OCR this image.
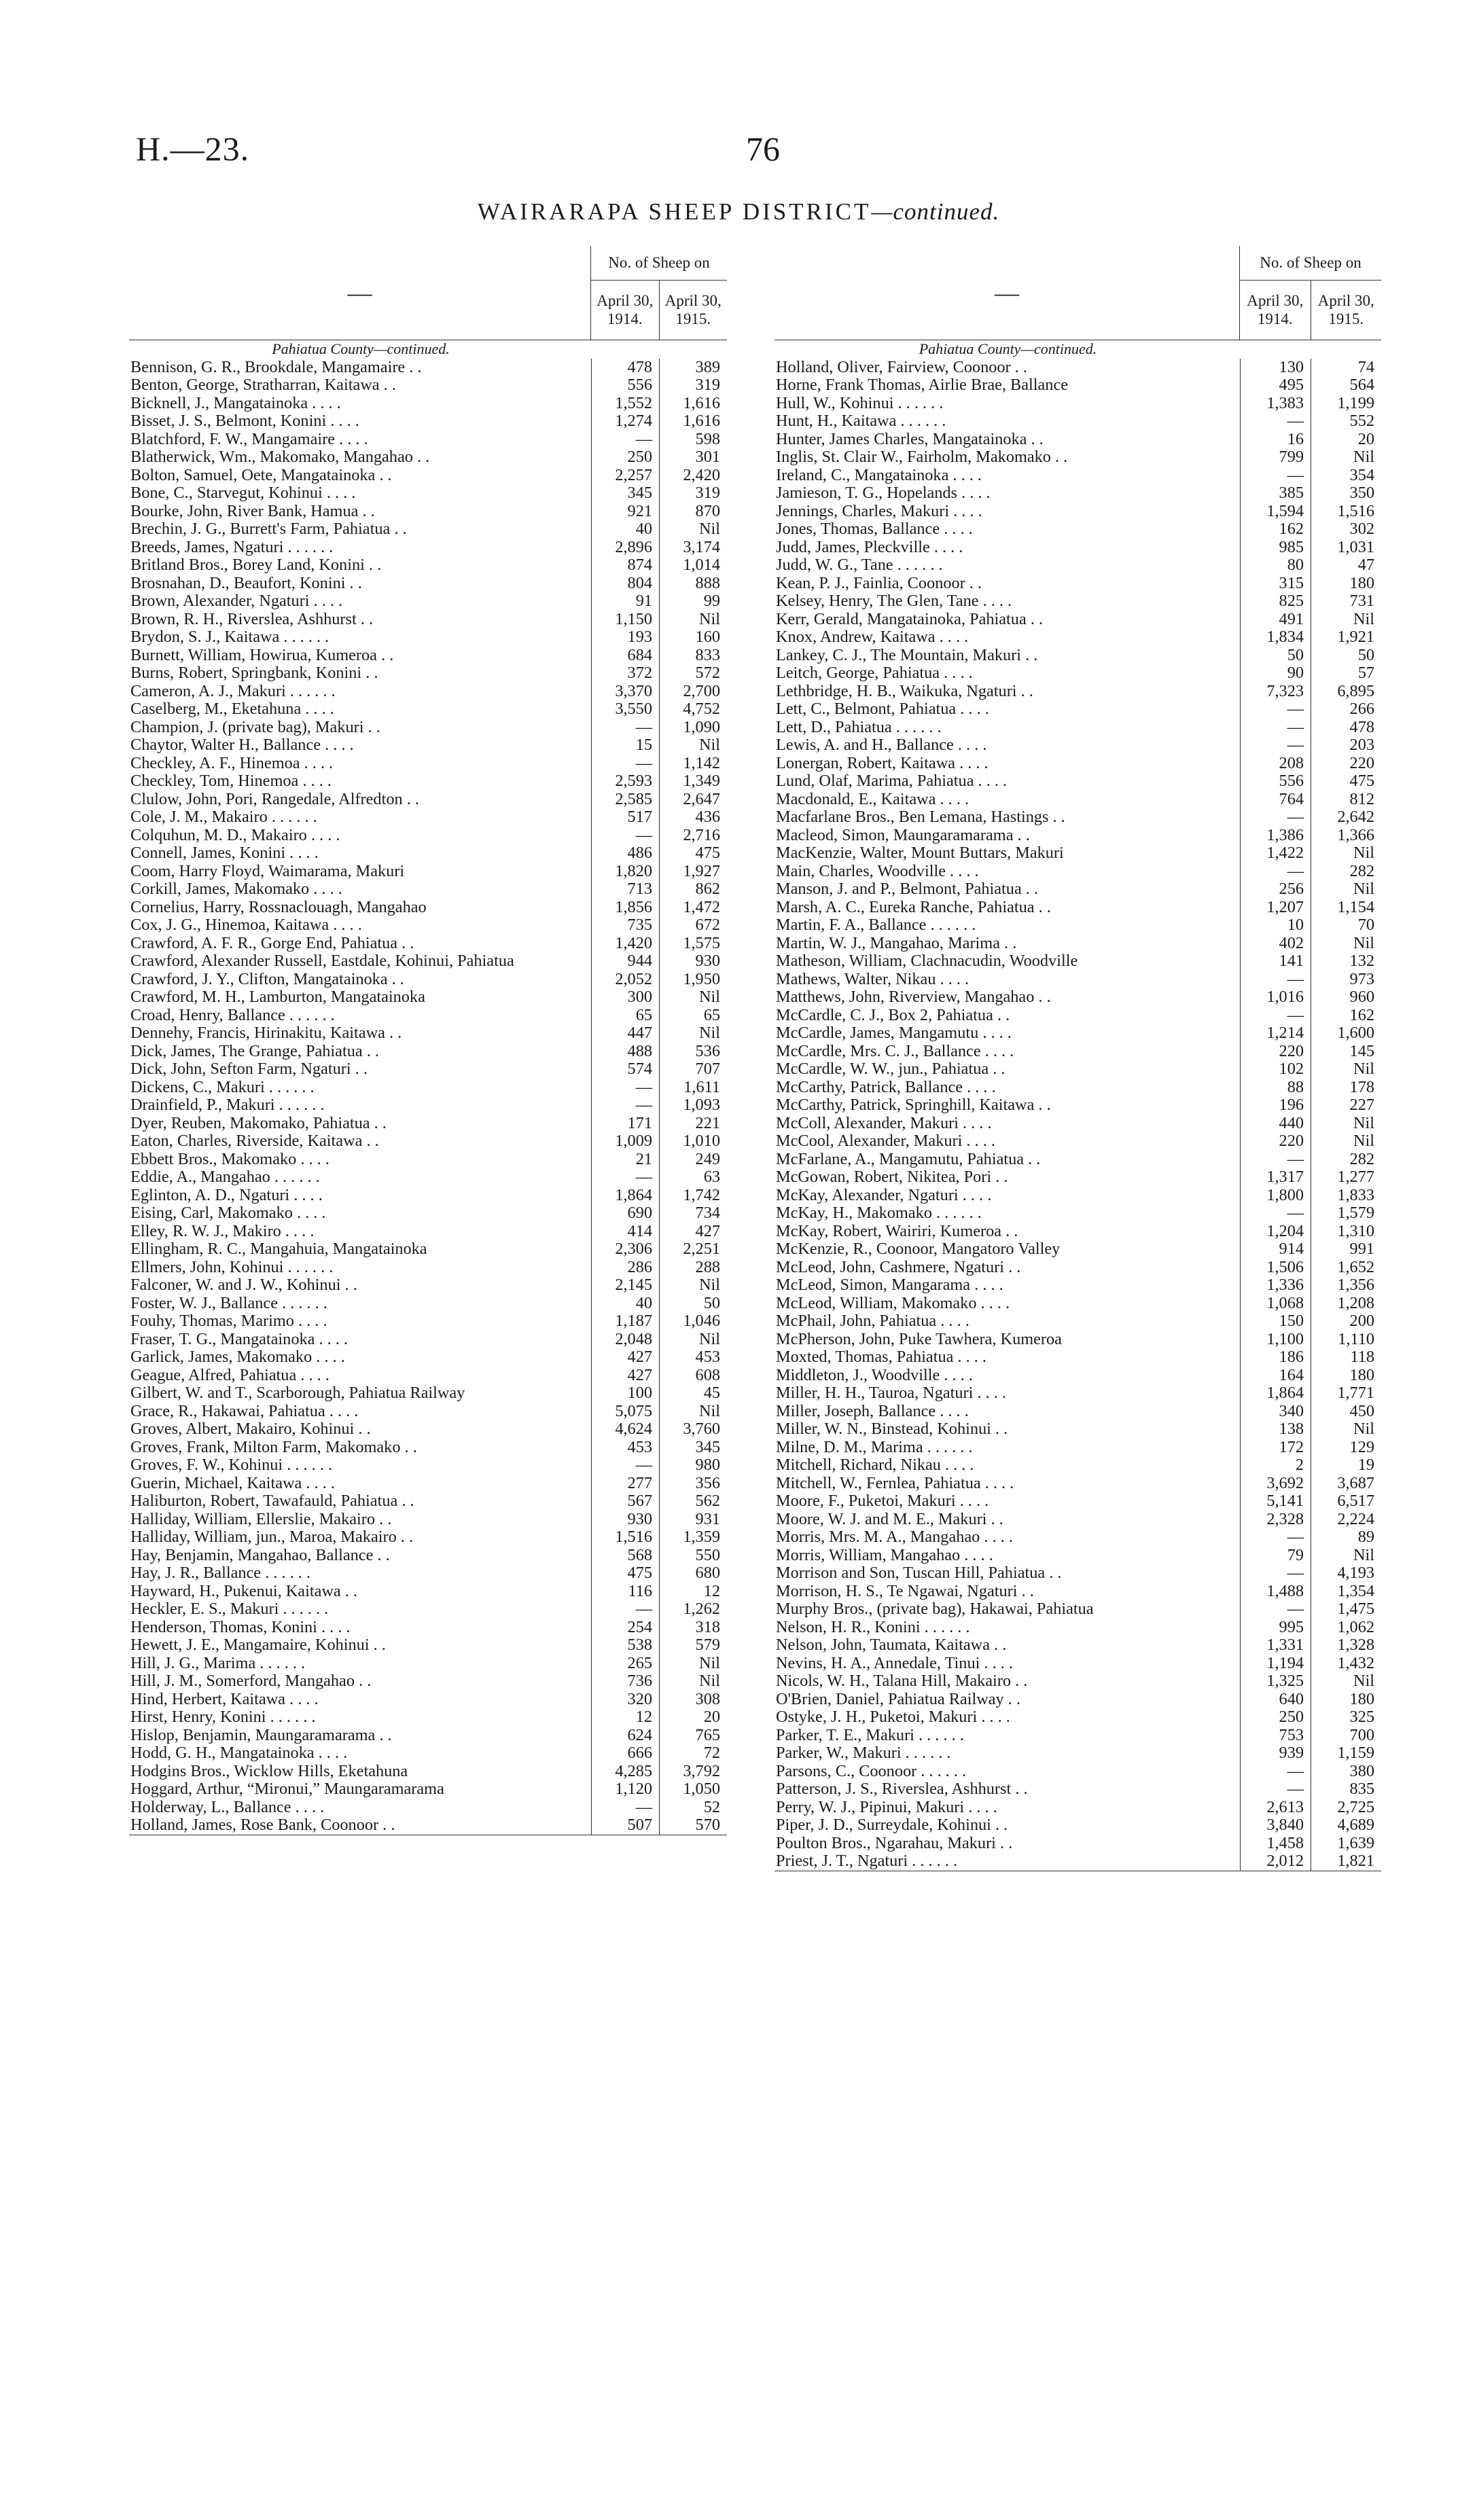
H.—23.	76
WAIRARAPA SHEEP DISTRICT—continued.
—
No. of Sheep on
April 30, 1914.
April 30, 1915.
Pahiatua County—continued.
Bennison, G. R., Brookdale, Mangamaire . .	478	389
Benton, George, Stratharran, Kaitawa . .	556	319
Bicknell, J., Mangatainoka . . . .	1,552	1,616
Bisset, J. S., Belmont, Konini . . . .	1,274	1,616
Blatchford, F. W., Mangamaire . . . .	—	598
Blatherwick, Wm., Makomako, Mangahao . .	250	301
Bolton, Samuel, Oete, Mangatainoka . .	2,257	2,420
Bone, C., Starvegut, Kohinui . . . .	345	319
Bourke, John, River Bank, Hamua . .	921	870
Brechin, J. G., Burrett's Farm, Pahiatua . .	40	Nil
Breeds, James, Ngaturi . . . . . .	2,896	3,174
Britland Bros., Borey Land, Konini . .	874	1,014
Brosnahan, D., Beaufort, Konini . .	804	888
Brown, Alexander, Ngaturi . . . .	91	99
Brown, R. H., Riverslea, Ashhurst . .	1,150	Nil
Brydon, S. J., Kaitawa . . . . . .	193	160
Burnett, William, Howirua, Kumeroa . .	684	833
Burns, Robert, Springbank, Konini . .	372	572
Cameron, A. J., Makuri . . . . . .	3,370	2,700
Caselberg, M., Eketahuna . . . .	3,550	4,752
Champion, J. (private bag), Makuri . .	—	1,090
Chaytor, Walter H., Ballance . . . .	15	Nil
Checkley, A. F., Hinemoa . . . .	—	1,142
Checkley, Tom, Hinemoa . . . .	2,593	1,349
Clulow, John, Pori, Rangedale, Alfredton . .	2,585	2,647
Cole, J. M., Makairo . . . . . .	517	436
Colquhun, M. D., Makairo . . . .	—	2,716
Connell, James, Konini . . . .	486	475
Coom, Harry Floyd, Waimarama, Makuri	1,820	1,927
Corkill, James, Makomako . . . .	713	862
Cornelius, Harry, Rossnaclouagh, Mangahao	1,856	1,472
Cox, J. G., Hinemoa, Kaitawa . . . .	735	672
Crawford, A. F. R., Gorge End, Pahiatua . .	1,420	1,575
Crawford, Alexander Russell, Eastdale, Kohinui, Pahiatua	944	930
Crawford, J. Y., Clifton, Mangatainoka . .	2,052	1,950
Crawford, M. H., Lamburton, Mangatainoka	300	Nil
Croad, Henry, Ballance . . . . . .	65	65
Dennehy, Francis, Hirinakitu, Kaitawa . .	447	Nil
Dick, James, The Grange, Pahiatua . .	488	536
Dick, John, Sefton Farm, Ngaturi . .	574	707
Dickens, C., Makuri . . . . . .	—	1,611
Drainfield, P., Makuri . . . . . .	—	1,093
Dyer, Reuben, Makomako, Pahiatua . .	171	221
Eaton, Charles, Riverside, Kaitawa . .	1,009	1,010
Ebbett Bros., Makomako . . . .	21	249
Eddie, A., Mangahao . . . . . .	—	63
Eglinton, A. D., Ngaturi . . . .	1,864	1,742
Eising, Carl, Makomako . . . .	690	734
Elley, R. W. J., Makiro . . . .	414	427
Ellingham, R. C., Mangahuia, Mangatainoka	2,306	2,251
Ellmers, John, Kohinui . . . . . .	286	288
Falconer, W. and J. W., Kohinui . .	2,145	Nil
Foster, W. J., Ballance . . . . . .	40	50
Fouhy, Thomas, Marimo . . . .	1,187	1,046
Fraser, T. G., Mangatainoka . . . .	2,048	Nil
Garlick, James, Makomako . . . .	427	453
Geague, Alfred, Pahiatua . . . .	427	608
Gilbert, W. and T., Scarborough, Pahiatua Railway	100	45
Grace, R., Hakawai, Pahiatua . . . .	5,075	Nil
Groves, Albert, Makairo, Kohinui . .	4,624	3,760
Groves, Frank, Milton Farm, Makomako . .	453	345
Groves, F. W., Kohinui . . . . . .	—	980
Guerin, Michael, Kaitawa . . . .	277	356
Haliburton, Robert, Tawafauld, Pahiatua . .	567	562
Halliday, William, Ellerslie, Makairo . .	930	931
Halliday, William, jun., Maroa, Makairo . .	1,516	1,359
Hay, Benjamin, Mangahao, Ballance . .	568	550
Hay, J. R., Ballance . . . . . .	475	680
Hayward, H., Pukenui, Kaitawa . .	116	12
Heckler, E. S., Makuri . . . . . .	—	1,262
Henderson, Thomas, Konini . . . .	254	318
Hewett, J. E., Mangamaire, Kohinui . .	538	579
Hill, J. G., Marima . . . . . .	265	Nil
Hill, J. M., Somerford, Mangahao . .	736	Nil
Hind, Herbert, Kaitawa . . . .	320	308
Hirst, Henry, Konini . . . . . .	12	20
Hislop, Benjamin, Maungaramarama . .	624	765
Hodd, G. H., Mangatainoka . . . .	666	72
Hodgins Bros., Wicklow Hills, Eketahuna	4,285	3,792
Hoggard, Arthur, “Mironui,” Maungaramarama	1,120	1,050
Holderway, L., Ballance . . . .	—	52
Holland, James, Rose Bank, Coonoor . .	507	570
—
No. of Sheep on
April 30, 1914.
April 30, 1915.
Pahiatua County—continued.
Holland, Oliver, Fairview, Coonoor . .	130	74
Horne, Frank Thomas, Airlie Brae, Ballance	495	564
Hull, W., Kohinui . . . . . .	1,383	1,199
Hunt, H., Kaitawa . . . . . .	—	552
Hunter, James Charles, Mangatainoka . .	16	20
Inglis, St. Clair W., Fairholm, Makomako . .	799	Nil
Ireland, C., Mangatainoka . . . .	—	354
Jamieson, T. G., Hopelands . . . .	385	350
Jennings, Charles, Makuri . . . .	1,594	1,516
Jones, Thomas, Ballance . . . .	162	302
Judd, James, Pleckville . . . .	985	1,031
Judd, W. G., Tane . . . . . .	80	47
Kean, P. J., Fainlia, Coonoor . .	315	180
Kelsey, Henry, The Glen, Tane . . . .	825	731
Kerr, Gerald, Mangatainoka, Pahiatua . .	491	Nil
Knox, Andrew, Kaitawa . . . .	1,834	1,921
Lankey, C. J., The Mountain, Makuri . .	50	50
Leitch, George, Pahiatua . . . .	90	57
Lethbridge, H. B., Waikuka, Ngaturi . .	7,323	6,895
Lett, C., Belmont, Pahiatua . . . .	—	266
Lett, D., Pahiatua . . . . . .	—	478
Lewis, A. and H., Ballance . . . .	—	203
Lonergan, Robert, Kaitawa . . . .	208	220
Lund, Olaf, Marima, Pahiatua . . . .	556	475
Macdonald, E., Kaitawa . . . .	764	812
Macfarlane Bros., Ben Lemana, Hastings . .	—	2,642
Macleod, Simon, Maungaramarama . .	1,386	1,366
MacKenzie, Walter, Mount Buttars, Makuri	1,422	Nil
Main, Charles, Woodville . . . .	—	282
Manson, J. and P., Belmont, Pahiatua . .	256	Nil
Marsh, A. C., Eureka Ranche, Pahiatua . .	1,207	1,154
Martin, F. A., Ballance . . . . . .	10	70
Martin, W. J., Mangahao, Marima . .	402	Nil
Matheson, William, Clachnacudin, Woodville	141	132
Mathews, Walter, Nikau . . . .	—	973
Matthews, John, Riverview, Mangahao . .	1,016	960
McCardle, C. J., Box 2, Pahiatua . .	—	162
McCardle, James, Mangamutu . . . .	1,214	1,600
McCardle, Mrs. C. J., Ballance . . . .	220	145
McCardle, W. W., jun., Pahiatua . .	102	Nil
McCarthy, Patrick, Ballance . . . .	88	178
McCarthy, Patrick, Springhill, Kaitawa . .	196	227
McColl, Alexander, Makuri . . . .	440	Nil
McCool, Alexander, Makuri . . . .	220	Nil
McFarlane, A., Mangamutu, Pahiatua . .	—	282
McGowan, Robert, Nikitea, Pori . .	1,317	1,277
McKay, Alexander, Ngaturi . . . .	1,800	1,833
McKay, H., Makomako . . . . . .	—	1,579
McKay, Robert, Wairiri, Kumeroa . .	1,204	1,310
McKenzie, R., Coonoor, Mangatoro Valley	914	991
McLeod, John, Cashmere, Ngaturi . .	1,506	1,652
McLeod, Simon, Mangarama . . . .	1,336	1,356
McLeod, William, Makomako . . . .	1,068	1,208
McPhail, John, Pahiatua . . . .	150	200
McPherson, John, Puke Tawhera, Kumeroa	1,100	1,110
Moxted, Thomas, Pahiatua . . . .	186	118
Middleton, J., Woodville . . . .	164	180
Miller, H. H., Tauroa, Ngaturi . . . .	1,864	1,771
Miller, Joseph, Ballance . . . .	340	450
Miller, W. N., Binstead, Kohinui . .	138	Nil
Milne, D. M., Marima . . . . . .	172	129
Mitchell, Richard, Nikau . . . .	2	19
Mitchell, W., Fernlea, Pahiatua . . . .	3,692	3,687
Moore, F., Puketoi, Makuri . . . .	5,141	6,517
Moore, W. J. and M. E., Makuri . .	2,328	2,224
Morris, Mrs. M. A., Mangahao . . . .	—	89
Morris, William, Mangahao . . . .	79	Nil
Morrison and Son, Tuscan Hill, Pahiatua . .	—	4,193
Morrison, H. S., Te Ngawai, Ngaturi . .	1,488	1,354
Murphy Bros., (private bag), Hakawai, Pahiatua	—	1,475
Nelson, H. R., Konini . . . . . .	995	1,062
Nelson, John, Taumata, Kaitawa . .	1,331	1,328
Nevins, H. A., Annedale, Tinui . . . .	1,194	1,432
Nicols, W. H., Talana Hill, Makairo . .	1,325	Nil
O'Brien, Daniel, Pahiatua Railway . .	640	180
Ostyke, J. H., Puketoi, Makuri . . . .	250	325
Parker, T. E., Makuri . . . . . .	753	700
Parker, W., Makuri . . . . . .	939	1,159
Parsons, C., Coonoor . . . . . .	—	380
Patterson, J. S., Riverslea, Ashhurst . .	—	835
Perry, W. J., Pipinui, Makuri . . . .	2,613	2,725
Piper, J. D., Surreydale, Kohinui . .	3,840	4,689
Poulton Bros., Ngarahau, Makuri . .	1,458	1,639
Priest, J. T., Ngaturi . . . . . .	2,012	1,821
